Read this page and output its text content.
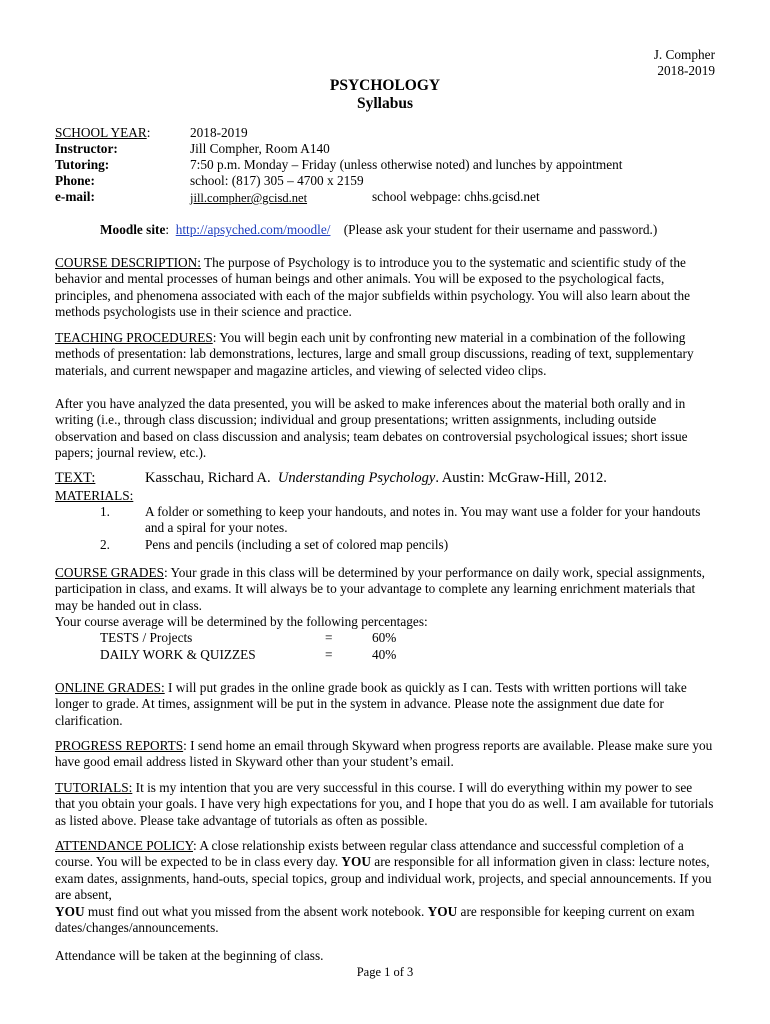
J. Compher
2018-2019
PSYCHOLOGY
Syllabus
SCHOOL YEAR:	2018-2019
Instructor:	Jill Compher, Room A140
Tutoring:	7:50 p.m. Monday – Friday (unless otherwise noted) and lunches by appointment
Phone:	school: (817) 305 – 4700 x 2159
e-mail:	jill.compher@gcisd.net	school webpage: chhs.gcisd.net
Moodle site:  http://apsyched.com/moodle/ (Please ask your student for their username and password.)
COURSE DESCRIPTION: The purpose of Psychology is to introduce you to the systematic and scientific study of the behavior and mental processes of human beings and other animals. You will be exposed to the psychological facts, principles, and phenomena associated with each of the major subfields within psychology. You will also learn about the methods psychologists use in their science and practice.
TEACHING PROCEDURES: You will begin each unit by confronting new material in a combination of the following methods of presentation: lab demonstrations, lectures, large and small group discussions, reading of text, supplementary materials, and current newspaper and magazine articles, and viewing of selected video clips.
After you have analyzed the data presented, you will be asked to make inferences about the material both orally and in writing (i.e., through class discussion; individual and group presentations; written assignments, including outside observation and based on class discussion and analysis; team debates on controversial psychological issues; short issue papers; journal review, etc.).
TEXT:	Kasschau, Richard A. Understanding Psychology. Austin: McGraw-Hill, 2012.
MATERIALS:
1.	A folder or something to keep your handouts, and notes in. You may want use a folder for your handouts and a spiral for your notes.
2.	Pens and pencils (including a set of colored map pencils)
COURSE GRADES: Your grade in this class will be determined by your performance on daily work, special assignments, participation in class, and exams. It will always be to your advantage to complete any learning enrichment materials that may be handed out in class.
Your course average will be determined by the following percentages:
TESTS / Projects	=	60%
DAILY WORK & QUIZZES	=	40%
ONLINE GRADES: I will put grades in the online grade book as quickly as I can. Tests with written portions will take longer to grade. At times, assignment will be put in the system in advance. Please note the assignment due date for clarification.
PROGRESS REPORTS: I send home an email through Skyward when progress reports are available. Please make sure you have good email address listed in Skyward other than your student’s email.
TUTORIALS: It is my intention that you are very successful in this course. I will do everything within my power to see that you obtain your goals. I have very high expectations for you, and I hope that you do as well. I am available for tutorials as listed above. Please take advantage of tutorials as often as possible.
ATTENDANCE POLICY: A close relationship exists between regular class attendance and successful completion of a course. You will be expected to be in class every day. YOU are responsible for all information given in class: lecture notes, exam dates, assignments, hand-outs, special topics, group and individual work, projects, and special announcements. If you are absent,
YOU must find out what you missed from the absent work notebook. YOU are responsible for keeping current on exam dates/changes/announcements.
Attendance will be taken at the beginning of class.
Page 1 of 3
